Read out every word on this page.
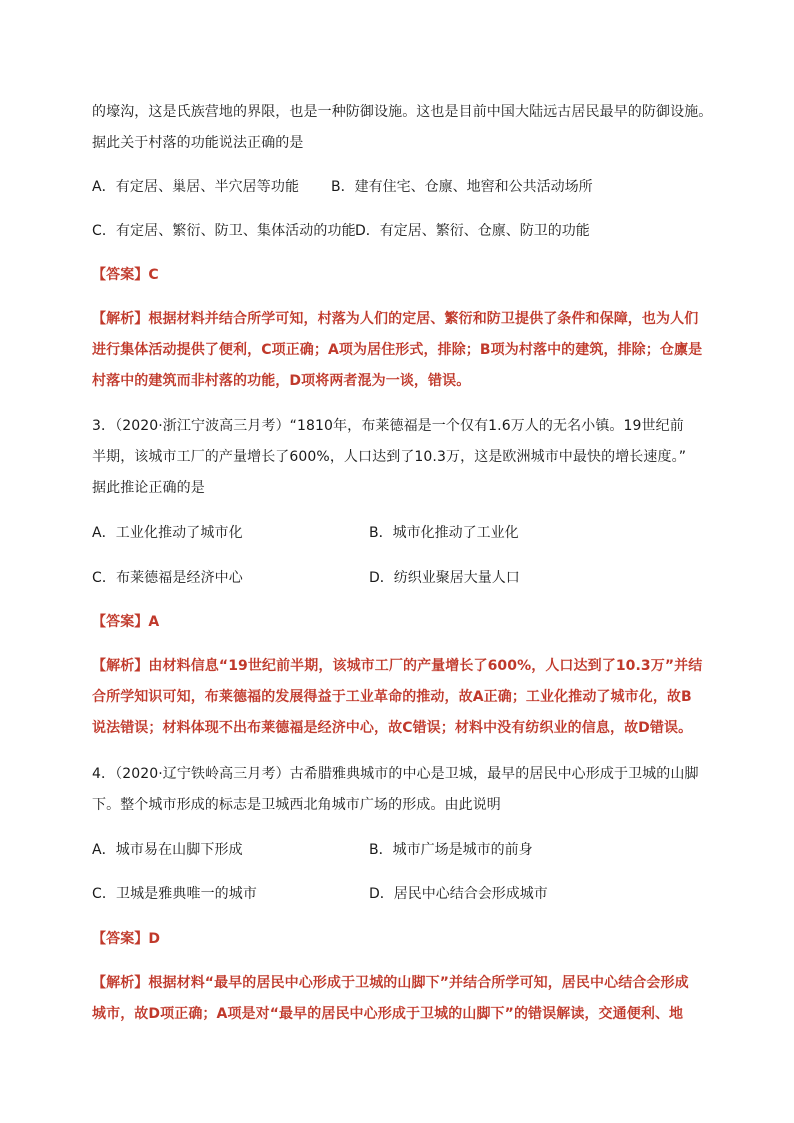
的壕沟，这是氏族营地的界限，也是一种防御设施。这也是目前中国大陆远古居民最早的防御设施。
据此关于村落的功能说法正确的是
A．有定居、巢居、半穴居等功能 B．建有住宅、仓廪、地窖和公共活动场所
C．有定居、繁衍、防卫、集体活动的功能 D．有定居、繁衍、仓廪、防卫的功能
【答案】C
【解析】根据材料并结合所学可知，村落为人们的定居、繁衍和防卫提供了条件和保障，也为人们
进行集体活动提供了便利，C项正确；A项为居住形式，排除；B项为村落中的建筑，排除；仓廪是
村落中的建筑而非村落的功能，D项将两者混为一谈，错误。
3．（2020·浙江宁波高三月考）“1810年，布莱德福是一个仅有1.6万人的无名小镇。19世纪前
半期，该城市工厂的产量增长了600%，人口达到了10.3万，这是欧洲城市中最快的增长速度。”
据此推论正确的是
A．工业化推动了城市化	B．城市化推动了工业化
C．布莱德福是经济中心	D．纺织业聚居大量人口
【答案】A
【解析】由材料信息“19世纪前半期，该城市工厂的产量增长了600%，人口达到了10.3万”并结
合所学知识可知，布莱德福的发展得益于工业革命的推动，故A正确；工业化推动了城市化，故B
说法错误；材料体现不出布莱德福是经济中心，故C错误；材料中没有纺织业的信息，故D错误。
4．（2020·辽宁铁岭高三月考）古希腊雅典城市的中心是卫城，最早的居民中心形成于卫城的山脚
下。整个城市形成的标志是卫城西北角城市广场的形成。由此说明
A．城市易在山脚下形成	B．城市广场是城市的前身
C．卫城是雅典唯一的城市	D．居民中心结合会形成城市
【答案】D
【解析】根据材料“最早的居民中心形成于卫城的山脚下”并结合所学可知，居民中心结合会形成
城市，故D项正确；A项是对“最早的居民中心形成于卫城的山脚下”的错误解读，交通便利、地
